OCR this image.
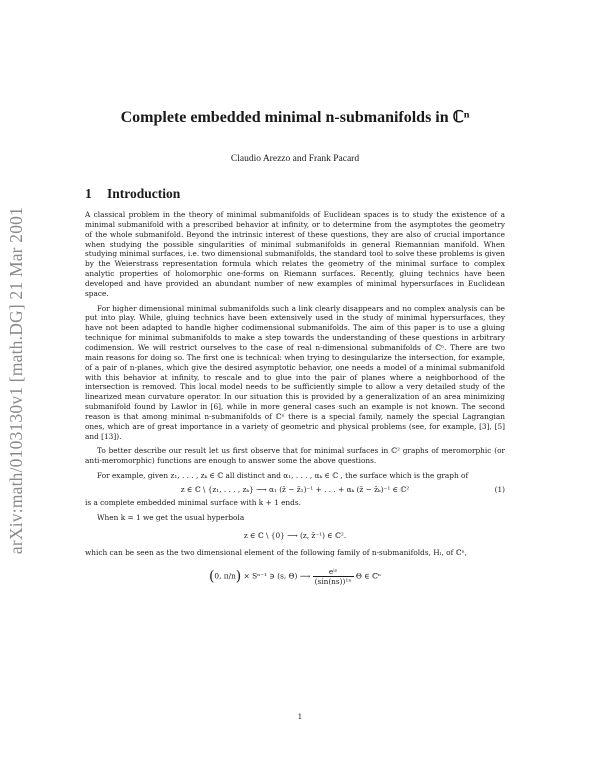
arXiv:math/0103130v1 [math.DG] 21 Mar 2001
Complete embedded minimal n-submanifolds in ℂⁿ
Claudio Arezzo and Frank Pacard
1 Introduction

A classical problem in the theory of minimal submanifolds of Euclidean spaces is to study the existence of a minimal submanifold with a prescribed behavior at infinity, or to determine from the asymptotes the geometry of the whole submanifold. Beyond the intrinsic interest of these questions, they are also of crucial importance when studying the possible singularities of minimal submanifolds in general Riemannian manifold. When studying minimal surfaces, i.e. two dimensional submanifolds, the standard tool to solve these problems is given by the Weierstrass representation formula which relates the geometry of the minimal surface to complex analytic properties of holomorphic one-forms on Riemann surfaces. Recently, gluing technics have been developed and have provided an abundant number of new examples of minimal hypersurfaces in Euclidean space.

For higher dimensional minimal submanifolds such a link clearly disappears and no complex analysis can be put into play. While, gluing technics have been extensively used in the study of minimal hypersurfaces, they have not been adapted to handle higher codimensional submanifolds. The aim of this paper is to use a gluing technique for minimal submanifolds to make a step towards the understanding of these questions in arbitrary codimension. We will restrict ourselves to the case of real n-dimensional submanifolds of ℂⁿ. There are two main reasons for doing so. The first one is technical: when trying to desingularize the intersection, for example, of a pair of n-planes, which give the desired asymptotic behavior, one needs a model of a minimal submanifold with this behavior at infinity, to rescale and to glue into the pair of planes where a neighborhood of the intersection is removed. This local model needs to be sufficiently simple to allow a very detailed study of the linearized mean curvature operator. In our situation this is provided by a generalization of an area minimizing submanifold found by Lawlor in [6], while in more general cases such an example is not known. The second reason is that among minimal n-submanifolds of ℂⁿ there is a special family, namely the special Lagrangian ones, which are of great importance in a variety of geometric and physical problems (see, for example, [3], [5] and [13]).

To better describe our result let us first observe that for minimal surfaces in ℂ² graphs of meromorphic (or anti-meromorphic) functions are enough to answer some the above questions.

For example, given z₁, . . . , zₖ ∈ ℂ all distinct and α₁, . . . , αₖ ∈ ℂ , the surface which is the graph of

z ∈ ℂ \ {z₁, . . . , zₖ} ⟶ α₁ (z̄ − z̄₁)⁻¹ + . . . + αₖ (z̄ − z̄ₖ)⁻¹ ∈ ℂ²	(1)

is a complete embedded minimal surface with k + 1 ends.

When k = 1 we get the usual hyperbola

z ∈ ℂ \ {0} ⟶ (z, z̄⁻¹) ∈ ℂ².

which can be seen as the two dimensional element of the following family of n-submanifolds, Hₗ, of ℂⁿ,

(0, π/n) × Sⁿ⁻¹ ∋ (s, Θ) ⟶ $\frac{\text{eⁱˢ}}{\text{(sin(ns))¹ⁿ}}$ Θ ∈ ℂⁿ
1
